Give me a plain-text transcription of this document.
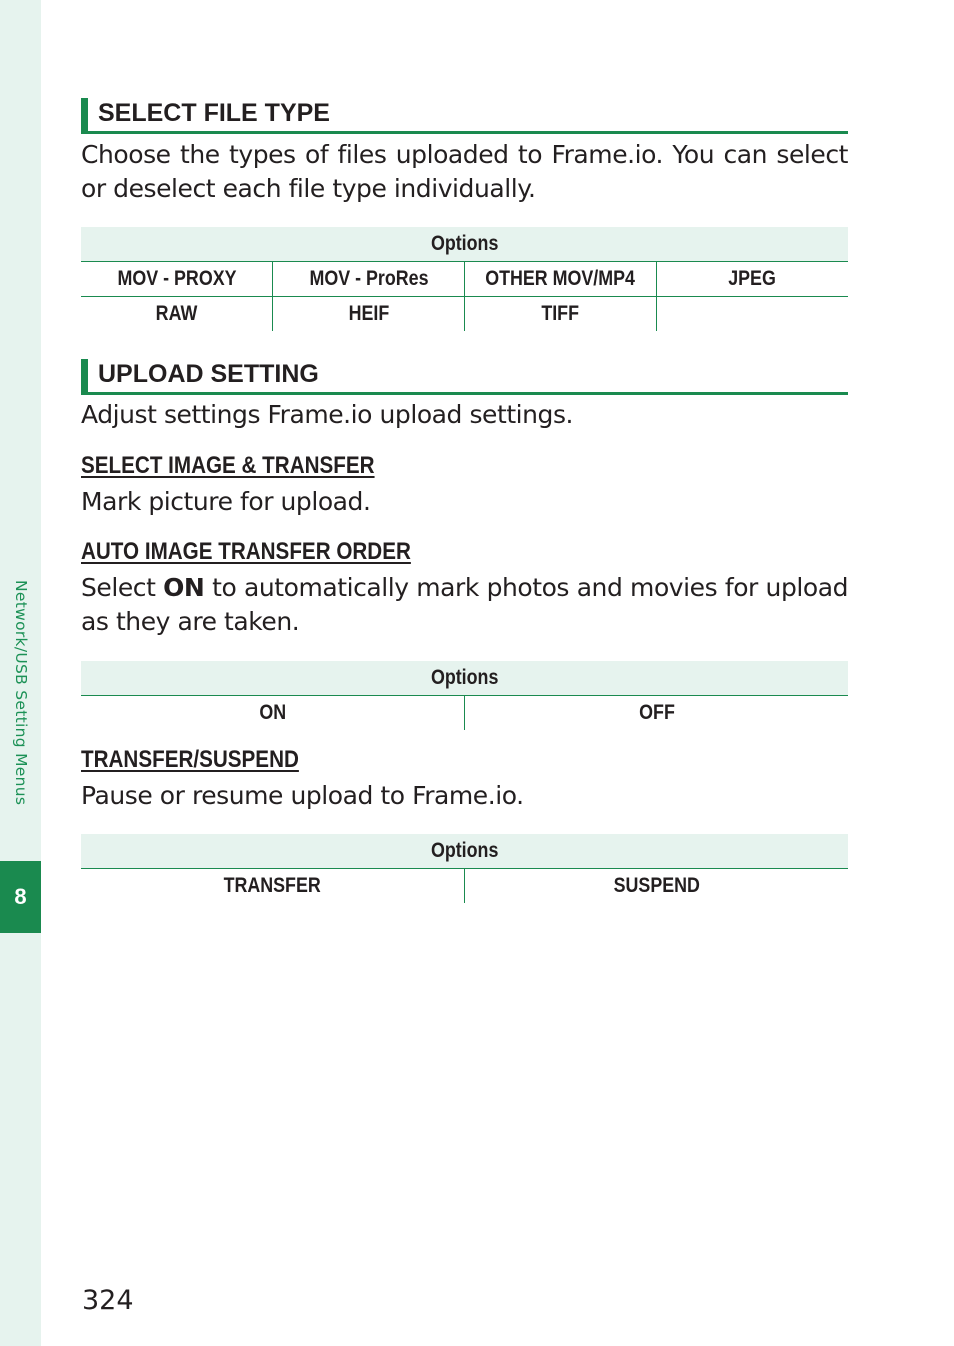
Network/USB Setting Menus
8
SELECT FILE TYPE
Choose the types of files uploaded to Frame.io. You can select or deselect each file type individually.
Options			
MOV - PROXY	MOV - ProRes	OTHER MOV/MP4	JPEG
RAW	HEIF	TIFF	
UPLOAD SETTING
Adjust settings Frame.io upload settings.
SELECT IMAGE & TRANSFER
Mark picture for upload.
AUTO IMAGE TRANSFER ORDER
Select ON to automatically mark photos and movies for upload as they are taken.
Options
ON	OFF
TRANSFER/SUSPEND
Pause or resume upload to Frame.io.
Options
TRANSFER	SUSPEND
324
